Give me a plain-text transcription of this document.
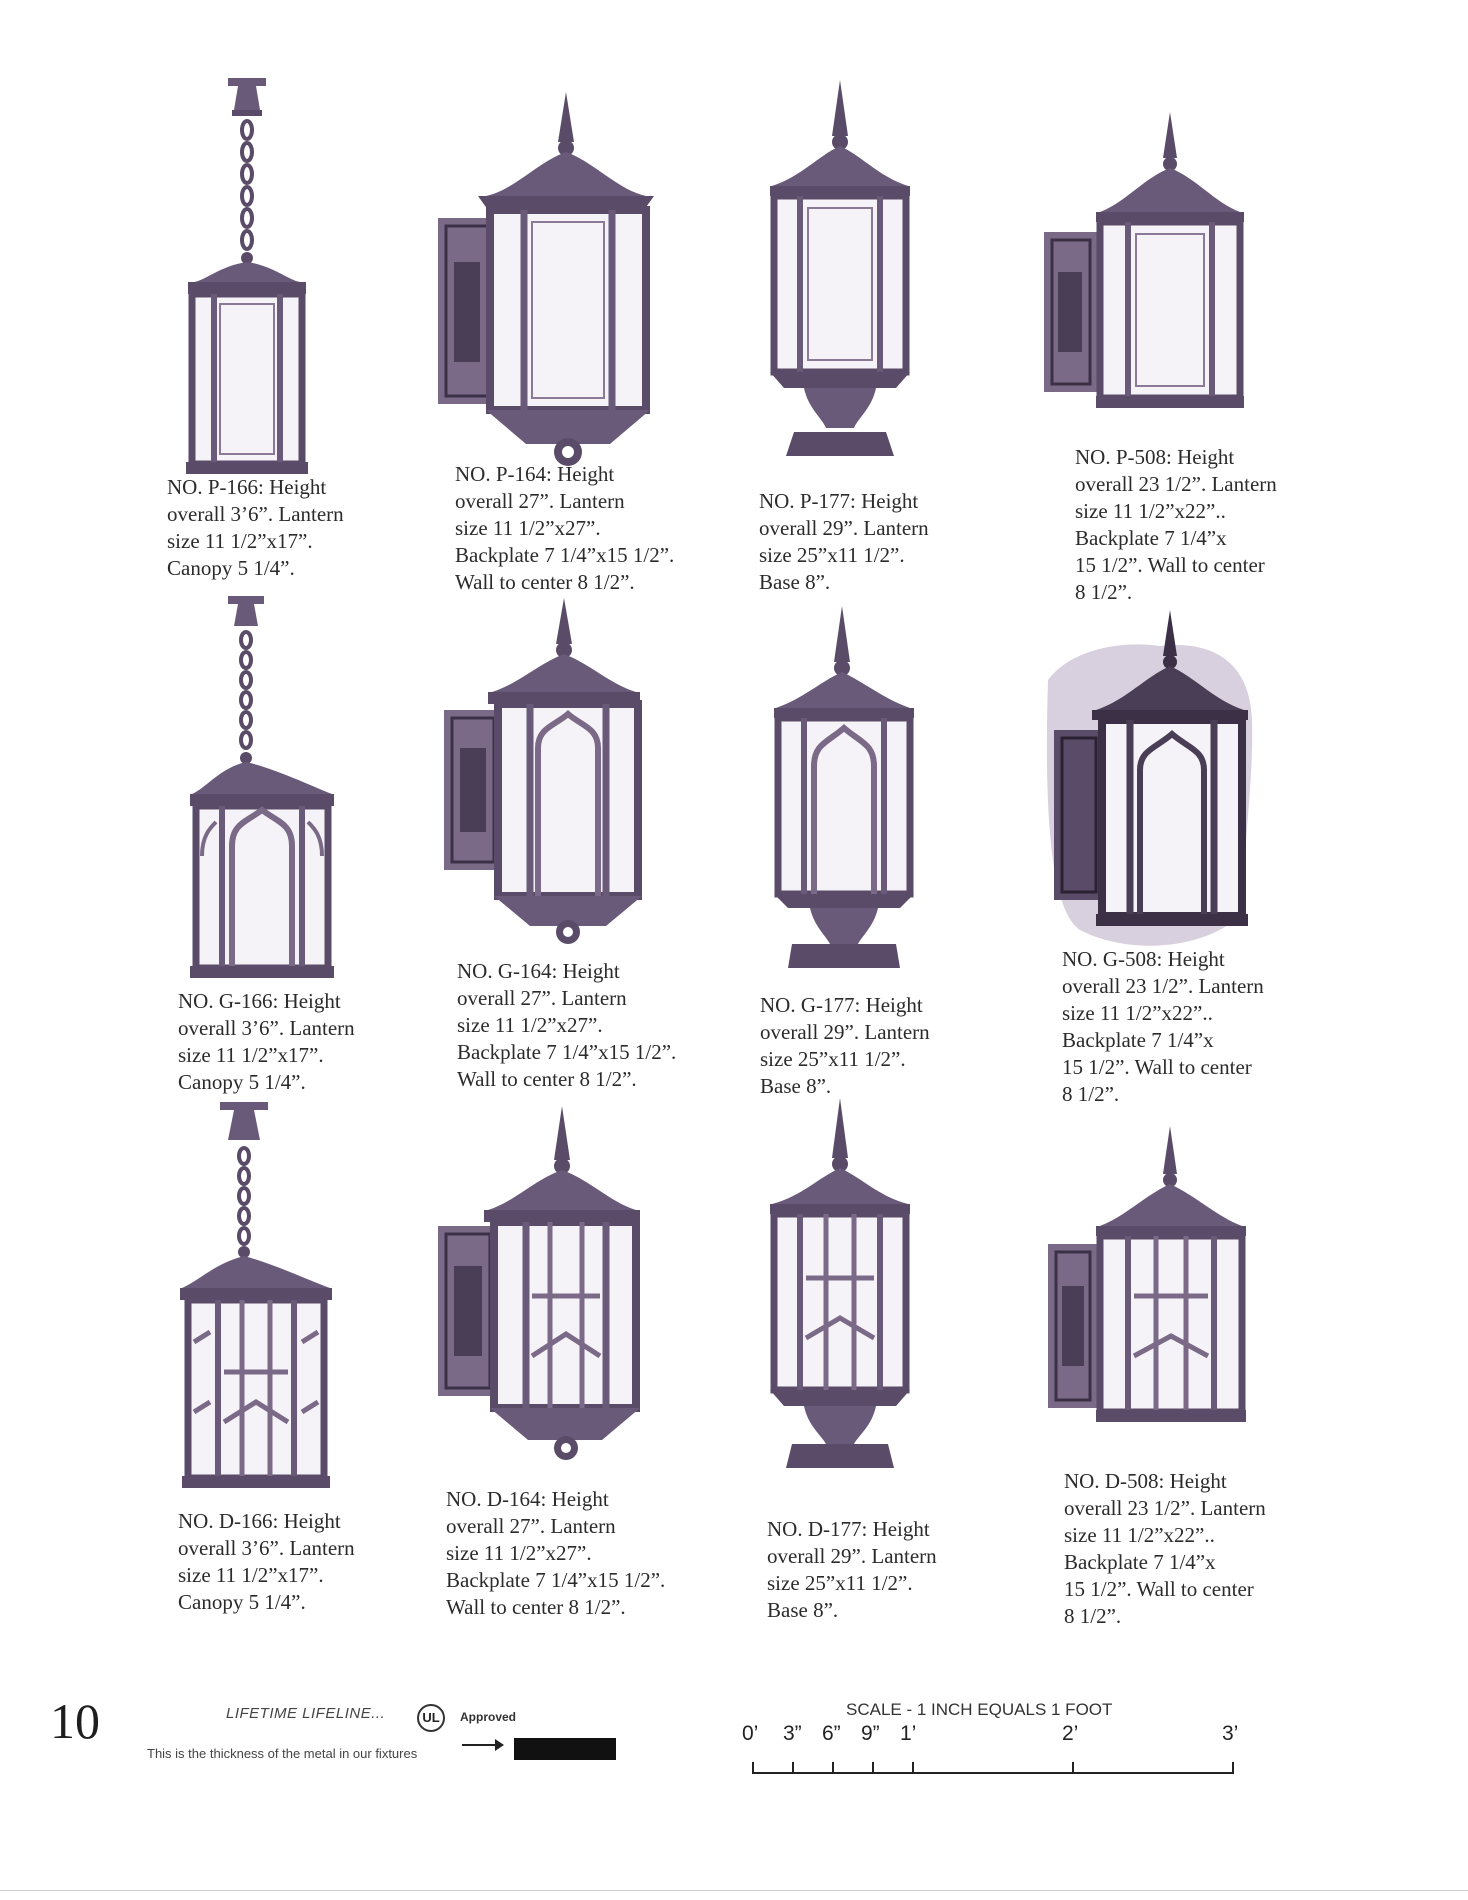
NO. P-166: Height
overall 3’6”. Lantern
size 11 1/2”x17”.
Canopy 5 1/4”.
NO. P-164: Height
overall 27”. Lantern
size 11 1/2”x27”.
Backplate 7 1/4”x15 1/2”.
Wall to center 8 1/2”.
NO. P-177: Height
overall 29”. Lantern
size 25”x11 1/2”.
Base 8”.
NO. P-508: Height
overall 23 1/2”. Lantern
size 11 1/2”x22”..
Backplate 7 1/4”x
15 1/2”. Wall to center
8 1/2”.
NO. G-166: Height
overall 3’6”. Lantern
size 11 1/2”x17”.
Canopy 5 1/4”.
NO. G-164: Height
overall 27”. Lantern
size 11 1/2”x27”.
Backplate 7 1/4”x15 1/2”.
Wall to center 8 1/2”.
NO. G-177: Height
overall 29”. Lantern
size 25”x11 1/2”.
Base 8”.
NO. G-508: Height
overall 23 1/2”. Lantern
size 11 1/2”x22”..
Backplate 7 1/4”x
15 1/2”. Wall to center
8 1/2”.
NO. D-166: Height
overall 3’6”. Lantern
size 11 1/2”x17”.
Canopy 5 1/4”.
NO. D-164: Height
overall 27”. Lantern
size 11 1/2”x27”.
Backplate 7 1/4”x15 1/2”.
Wall to center 8 1/2”.
NO. D-177: Height
overall 29”. Lantern
size 25”x11 1/2”.
Base 8”.
NO. D-508: Height
overall 23 1/2”. Lantern
size 11 1/2”x22”..
Backplate 7 1/4”x
15 1/2”. Wall to center
8 1/2”.
10	LIFETIME LIFELINE...	UL	Approved
This is the thickness of the metal in our fixtures
SCALE - 1 INCH EQUALS 1 FOOT
0’ 3” 6” 9” 1’	2’	3’
